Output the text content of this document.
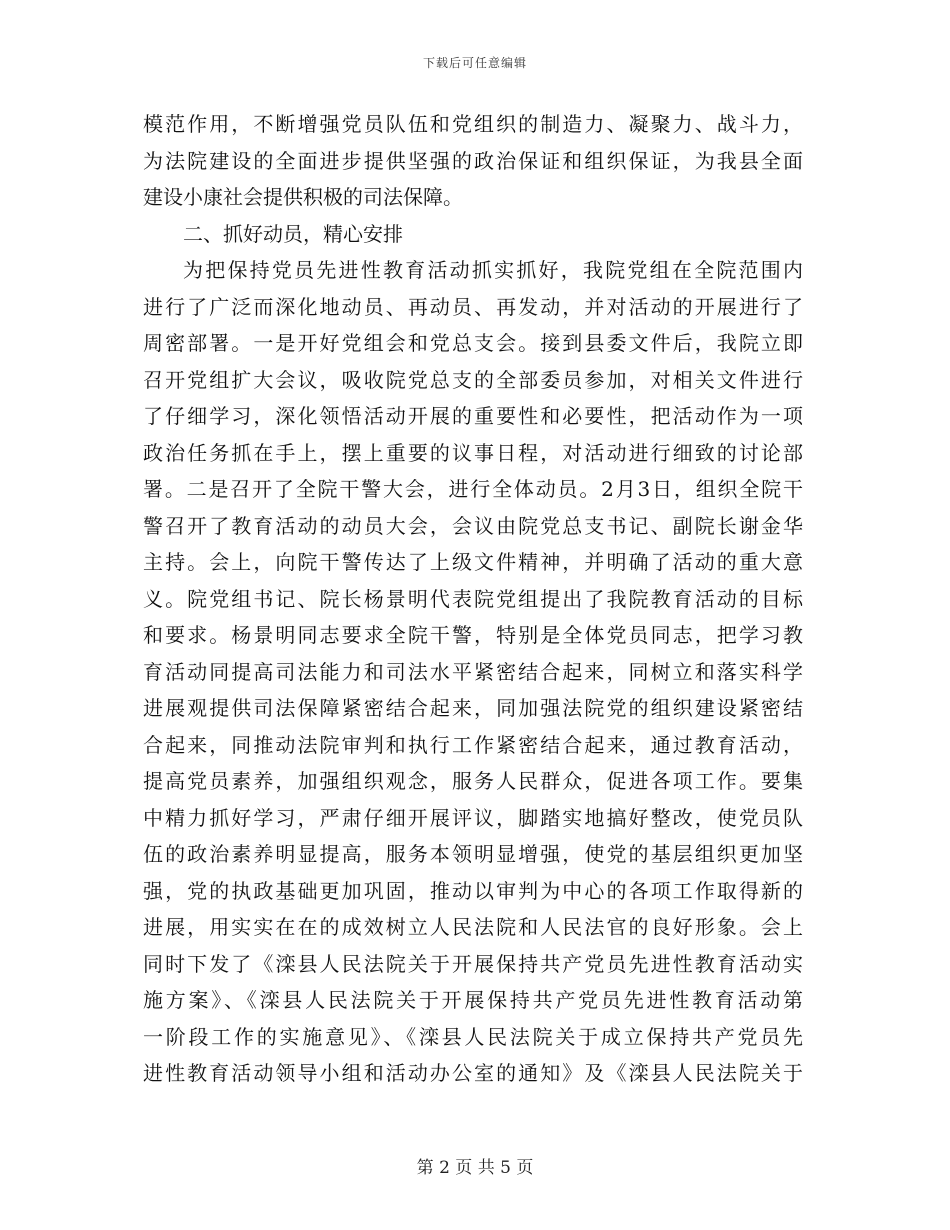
下载后可任意编辑
模范作用，不断增强党员队伍和党组织的制造力、凝聚力、战斗力，
为法院建设的全面进步提供坚强的政治保证和组织保证，为我县全面
建设小康社会提供积极的司法保障。
二、抓好动员，精心安排
为把保持党员先进性教育活动抓实抓好，我院党组在全院范围内
进行了广泛而深化地动员、再动员、再发动，并对活动的开展进行了
周密部署。一是开好党组会和党总支会。接到县委文件后，我院立即
召开党组扩大会议，吸收院党总支的全部委员参加，对相关文件进行
了仔细学习，深化领悟活动开展的重要性和必要性，把活动作为一项
政治任务抓在手上，摆上重要的议事日程，对活动进行细致的讨论部
署。二是召开了全院干警大会，进行全体动员。2月3日，组织全院干
警召开了教育活动的动员大会，会议由院党总支书记、副院长谢金华
主持。会上，向院干警传达了上级文件精神，并明确了活动的重大意
义。院党组书记、院长杨景明代表院党组提出了我院教育活动的目标
和要求。杨景明同志要求全院干警，特别是全体党员同志，把学习教
育活动同提高司法能力和司法水平紧密结合起来，同树立和落实科学
进展观提供司法保障紧密结合起来，同加强法院党的组织建设紧密结
合起来，同推动法院审判和执行工作紧密结合起来，通过教育活动，
提高党员素养，加强组织观念，服务人民群众，促进各项工作。要集
中精力抓好学习，严肃仔细开展评议，脚踏实地搞好整改，使党员队
伍的政治素养明显提高，服务本领明显增强，使党的基层组织更加坚
强，党的执政基础更加巩固，推动以审判为中心的各项工作取得新的
进展，用实实在在的成效树立人民法院和人民法官的良好形象。会上
同时下发了《滦县人民法院关于开展保持共产党员先进性教育活动实
施方案》、《滦县人民法院关于开展保持共产党员先进性教育活动第
一阶段工作的实施意见》、《滦县人民法院关于成立保持共产党员先
进性教育活动领导小组和活动办公室的通知》及《滦县人民法院关于
第 2 页 共 5 页
